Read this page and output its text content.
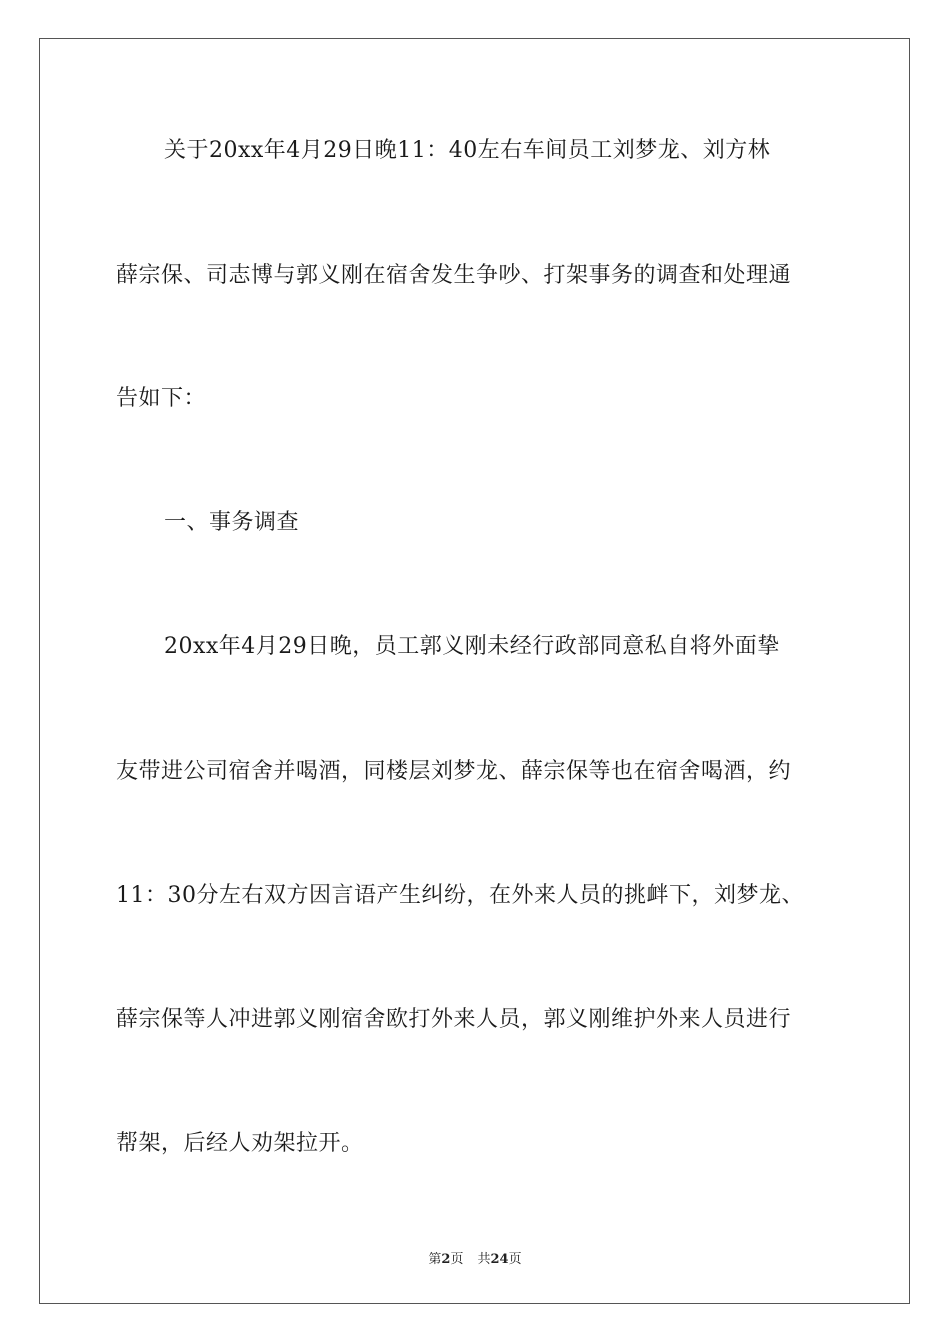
关于20xx年4月29日晚11：40左右车间员工刘梦龙、刘方林
薛宗保、司志博与郭义刚在宿舍发生争吵、打架事务的调查和处理通
告如下：
一、事务调查
20xx年4月29日晚，员工郭义刚未经行政部同意私自将外面挚
友带进公司宿舍并喝酒，同楼层刘梦龙、薛宗保等也在宿舍喝酒，约
11：30分左右双方因言语产生纠纷，在外来人员的挑衅下，刘梦龙、
薛宗保等人冲进郭义刚宿舍欧打外来人员，郭义刚维护外来人员进行
帮架，后经人劝架拉开。
第2页 共24页
